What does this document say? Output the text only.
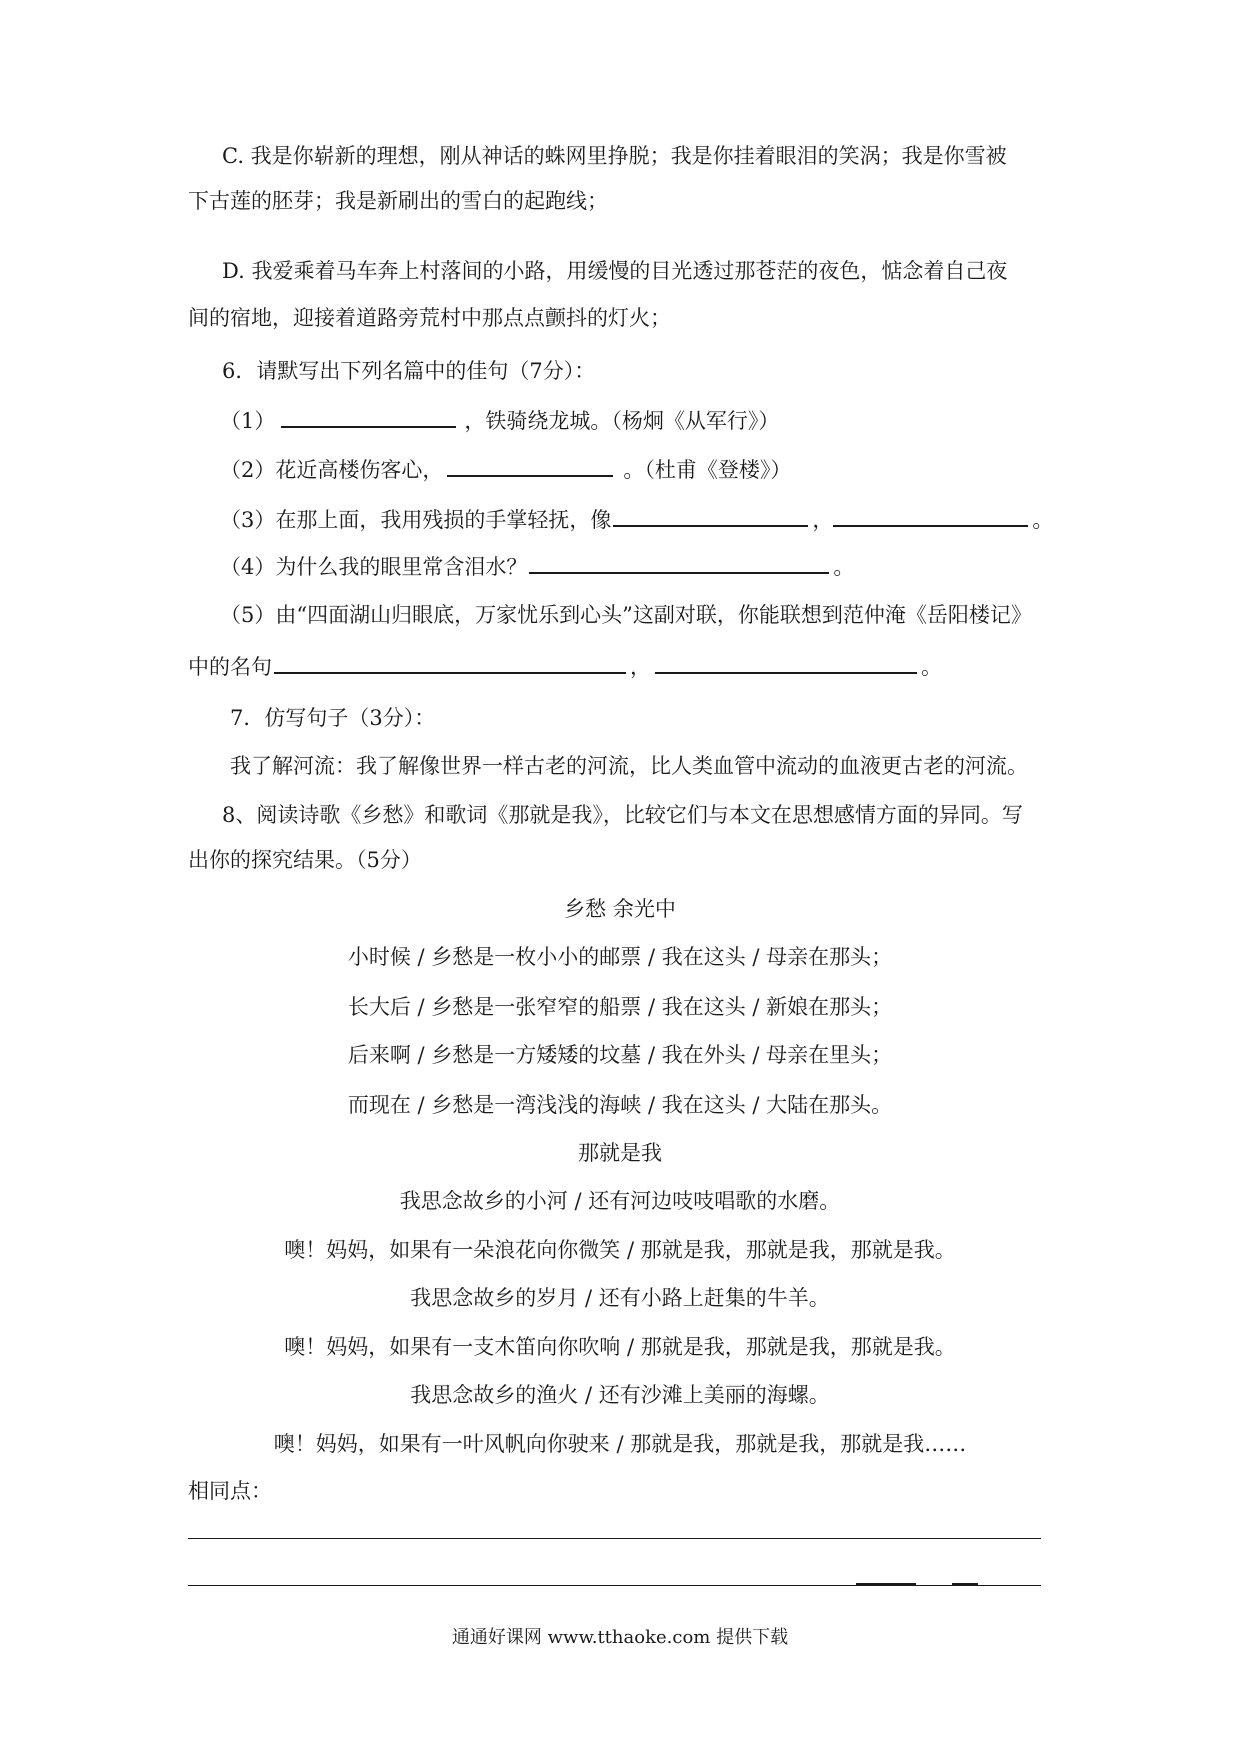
C. 我是你崭新的理想，刚从神话的蛛网里挣脱；我是你挂着眼泪的笑涡；我是你雪被
下古莲的胚芽；我是新刷出的雪白的起跑线；
D. 我爱乘着马车奔上村落间的小路，用缓慢的目光透过那苍茫的夜色，惦念着自己夜
间的宿地，迎接着道路旁荒村中那点点颤抖的灯火；
6．请默写出下列名篇中的佳句（7分）：
（1）	，铁骑绕龙城。（杨炯《从军行》）
（2）花近高楼伤客心，	。（杜甫《登楼》）
（3）在那上面，我用残损的手掌轻抚，像	，	。
（4）为什么我的眼里常含泪水？	。
（5）由“四面湖山归眼底，万家忧乐到心头”这副对联，你能联想到范仲淹《岳阳楼记》
中的名句	，	。
7．仿写句子（3分）：
我了解河流：我了解像世界一样古老的河流，比人类血管中流动的血液更古老的河流。
8、阅读诗歌《乡愁》和歌词《那就是我》，比较它们与本文在思想感情方面的异同。写
出你的探究结果。（5分）
乡愁 余光中
小时候 / 乡愁是一枚小小的邮票 / 我在这头 / 母亲在那头；
长大后 / 乡愁是一张窄窄的船票 / 我在这头 / 新娘在那头；
后来啊 / 乡愁是一方矮矮的坟墓 / 我在外头 / 母亲在里头；
而现在 / 乡愁是一湾浅浅的海峡 / 我在这头 / 大陆在那头。
那就是我
我思念故乡的小河 / 还有河边吱吱唱歌的水磨。
噢！妈妈，如果有一朵浪花向你微笑 / 那就是我，那就是我，那就是我。
我思念故乡的岁月 / 还有小路上赶集的牛羊。
噢！妈妈，如果有一支木笛向你吹响 / 那就是我，那就是我，那就是我。
我思念故乡的渔火 / 还有沙滩上美丽的海螺。
噢！妈妈，如果有一叶风帆向你驶来 / 那就是我，那就是我，那就是我……
相同点：
通通好课网 www.tthaoke.com 提供下载
